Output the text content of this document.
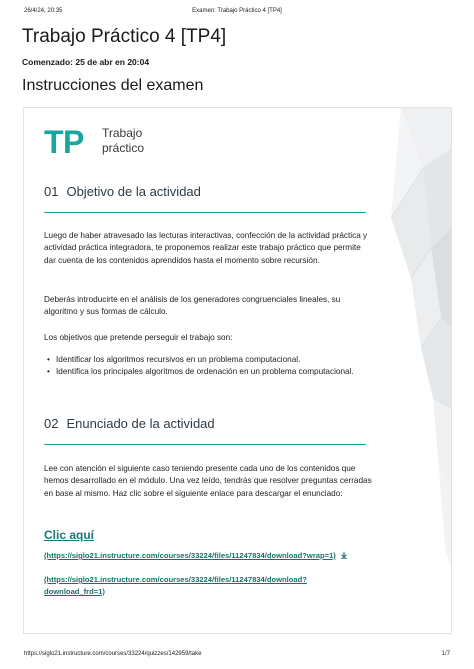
26/4/24, 20:35	Examen: Trabajo Práctico 4 [TP4]
Trabajo Práctico 4 [TP4]
Comenzado: 25 de abr en 20:04
Instrucciones del examen
TP Trabajo
práctico
01 Objetivo de la actividad

Luego de haber atravesado las lecturas interactivas, confección de la actividad práctica y actividad práctica integradora, te proponemos realizar este trabajo práctico que permite dar cuenta de los contenidos aprendidos hasta el momento sobre recursión.

Deberás introducirte en el análisis de los generadores congruenciales lineales, su algoritmo y sus formas de cálculo.

Los objetivos que pretende perseguir el trabajo son:

• Identificar los algoritmos recursivos en un problema computacional.
• Identifica los principales algoritmos de ordenación en un problema computacional.
02 Enunciado de la actividad

Lee con atención el siguiente caso teniendo presente cada uno de los contenidos que hemos desarrollado en el módulo. Una vez leído, tendrás que resolver preguntas cerradas en base al mismo. Haz clic sobre el siguiente enlace para descargar el enunciado:

Clic aquí
(https://siglo21.instructure.com/courses/33224/files/11247834/download?wrap=1)
(https://siglo21.instructure.com/courses/33224/files/11247834/download?download_frd=1)
https://siglo21.instructure.com/courses/33224/quizzes/142959/take	1/7
